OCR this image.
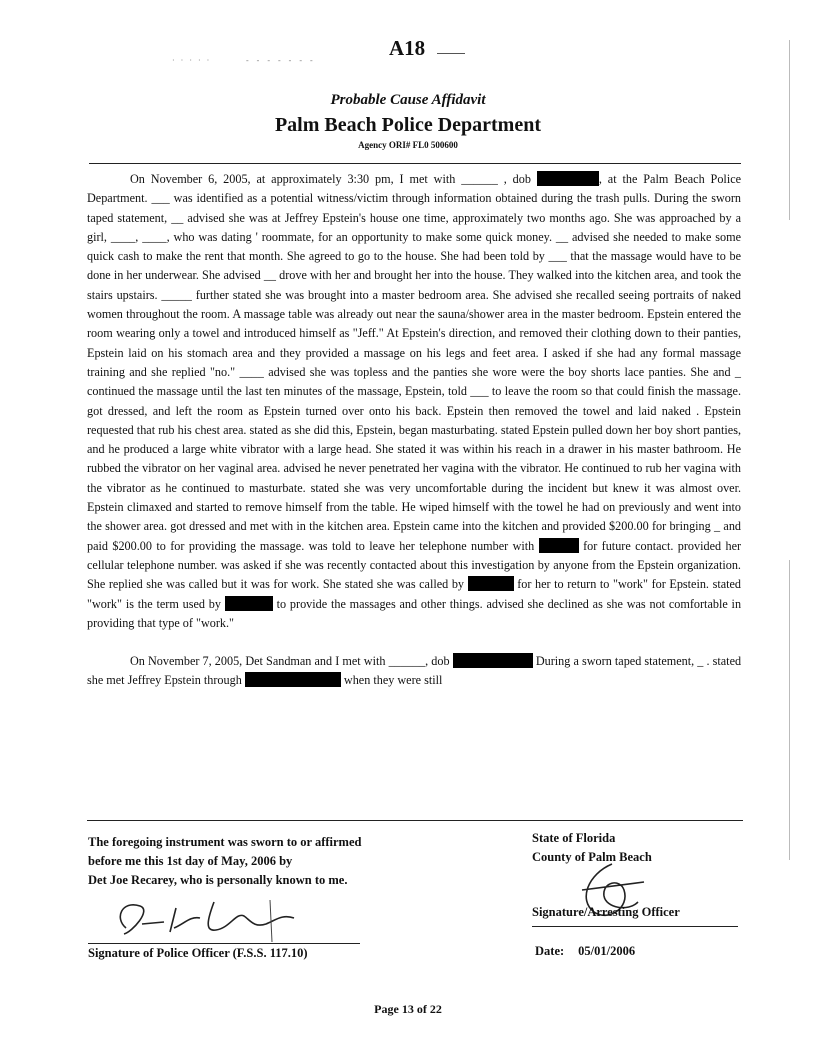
· · · · ·	- - - - - - -
A18
Probable Cause Affidavit
Palm Beach Police Department
Agency ORI# FL0 500600

On November 6, 2005, at approximately 3:30 pm, I met with ______ , dob	, at the Palm Beach Police Department. ___ was identified as a potential witness/victim through information obtained during the trash pulls. During the sworn taped statement, __ advised she was at Jeffrey Epstein's house one time, approximately two months ago. She was approached by a girl, ____, ____, who was dating ' roommate, for an opportunity to make some quick money. __ advised she needed to make some quick cash to make the rent that month. She agreed to go to the house. She had been told by ___ that the massage would have to be done in her underwear. She advised __ drove with her and brought her into the house. They walked into the kitchen area, and took the stairs upstairs. _____ further stated she was brought into a master bedroom area. She advised she recalled seeing portraits of naked women throughout the room. A massage table was already out near the sauna/shower area in the master bedroom. Epstein entered the room wearing only a towel and introduced himself as "Jeff." At Epstein's direction, and removed their clothing down to their panties, Epstein laid on his stomach area and they provided a massage on his legs and feet area. I asked if she had any formal massage training and she replied "no." ____ advised she was topless and the panties she wore were the boy shorts lace panties. She and _ continued the massage until the last ten minutes of the massage, Epstein, told ___ to leave the room so that could finish the massage. got dressed, and left the room as Epstein turned over onto his back. Epstein then removed the towel and laid naked . Epstein requested that rub his chest area. stated as she did this, Epstein, began masturbating. stated Epstein pulled down her boy short panties, and he produced a large white vibrator with a large head. She stated it was within his reach in a drawer in his master bathroom. He rubbed the vibrator on her vaginal area. advised he never penetrated her vagina with the vibrator. He continued to rub her vagina with the vibrator as he continued to masturbate. stated she was very uncomfortable during the incident but knew it was almost over. Epstein climaxed and started to remove himself from the table. He wiped himself with the towel he had on previously and went into the shower area. got dressed and met with in the kitchen area. Epstein came into the kitchen and provided $200.00 for bringing _ and paid $200.00 to for providing the massage. was told to leave her telephone number with	for future contact. provided her cellular telephone number. was asked if she was recently contacted about this investigation by anyone from the Epstein organization. She replied she was called but it was for work. She stated she was called by	for her to return to "work" for Epstein. stated "work" is the term used by	to provide the massages and other things. advised she declined as she was not comfortable in providing that type of "work."

On November 7, 2005, Det Sandman and I met with ______, dob	During a sworn taped statement, _ . stated she met Jeffrey Epstein through	when they were still

The foregoing instrument was sworn to or affirmed
before me this 1st day of May, 2006 by
Det Joe Recarey, who is personally known to me.
Signature of Police Officer (F.S.S. 117.10)
State of Florida
County of Palm Beach
Signature/Arresting Officer
Date: 05/01/2006
Page 13 of 22
